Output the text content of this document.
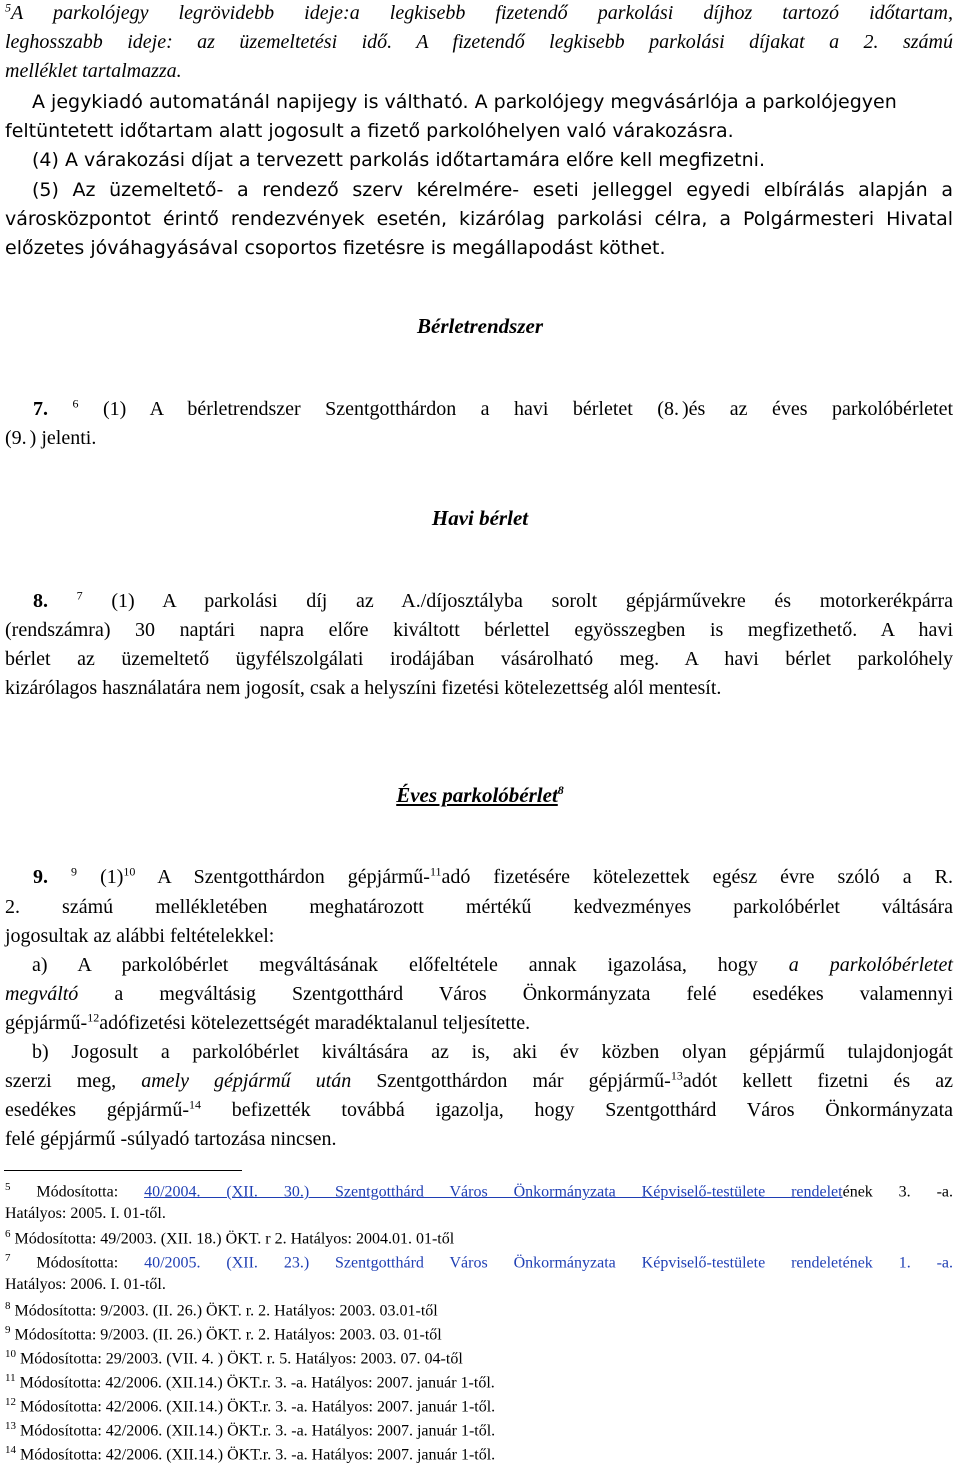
$^5$A parkolójegy legrövidebb ideje:a legkisebb fizetendő parkolási díjhoz tartozó időtartam,
leghosszabb ideje: az üzemeltetési idő. A fizetendő legkisebb parkolási díjakat a 2. számú
melléklet tartalmazza.
A jegykiadó automatánál napijegy is váltható. A parkolójegy megvásárlója a parkolójegyen
feltüntetett időtartam alatt jogosult a fizető parkolóhelyen való várakozásra.
(4) A várakozási díjat a tervezett parkolás időtartamára előre kell megfizetni.
(5) Az üzemeltető- a rendező szerv kérelmére- eseti jelleggel egyedi elbírálás alapján a
városközpontot érintő rendezvények esetén, kizárólag parkolási célra, a Polgármesteri Hivatal
előzetes jóváhagyásával csoportos fizetésre is megállapodást köthet.
Bérletrendszer
7. $^6$ (1) A bérletrendszer Szentgotthárdon a havi bérletet (8. )és az éves parkolóbérletet
(9. ) jelenti.
Havi bérlet
8. $^7$ (1) A parkolási díj az A./díjosztályba sorolt gépjárművekre és motorkerékpárra
(rendszámra) 30 naptári napra előre kiváltott bérlettel egyösszegben is megfizethető. A havi
bérlet az üzemeltető ügyfélszolgálati irodájában vásárolható meg. A havi bérlet parkolóhely
kizárólagos használatára nem jogosít, csak a helyszíni fizetési kötelezettség alól mentesít.
Éves parkolóbérlet$^8$
9. $^9$ $(1)^{10}$ A Szentgotthárdon gépjármű-$^{11}$adó fizetésére kötelezettek egész évre szóló a R.
2. számú mellékletében meghatározott mértékű kedvezményes parkolóbérlet váltására
jogosultak az alábbi feltételekkel:
a) A parkolóbérlet megváltásának előfeltétele annak igazolása, hogy a parkolóbérletet
megváltó a megváltásig Szentgotthárd Város Önkormányzata felé esedékes valamennyi
gépjármű-$^{12}$adófizetési kötelezettségét maradéktalanul teljesítette.
b) Jogosult a parkolóbérlet kiváltására az is, aki év közben olyan gépjármű tulajdonjogát
szerzi meg, amely gépjármű után Szentgotthárdon már gépjármű-$^{13}$adót kellett fizetni és az
esedékes gépjármű-$^{14}$ befizették továbbá igazolja, hogy Szentgotthárd Város Önkormányzata
felé gépjármű -súlyadó tartozása nincsen.
$^5$ Módosította: 40/2004. (XII. 30.) Szentgotthárd Város Önkormányzata Képviselő-testülete rendeletének 3. -a.
Hatályos: 2005. I. 01-től.
$^6$ Módosította: 49/2003. (XII. 18.) ÖKT. r 2. Hatályos: 2004.01. 01-től
$^7$ Módosította: 40/2005. (XII. 23.) Szentgotthárd Város Önkormányzata Képviselő-testülete rendeletének 1. -a.
Hatályos: 2006. I. 01-től.
$^8$ Módosította: 9/2003. (II. 26.) ÖKT. r. 2. Hatályos: 2003. 03.01-től
$^9$ Módosította: 9/2003. (II. 26.) ÖKT. r. 2. Hatályos: 2003. 03. 01-től
$^{10}$ Módosította: 29/2003. (VII. 4. ) ÖKT. r. 5. Hatályos: 2003. 07. 04-től
$^{11}$ Módosította: 42/2006. (XII.14.) ÖKT.r. 3. -a. Hatályos: 2007. január 1-től.
$^{12}$ Módosította: 42/2006. (XII.14.) ÖKT.r. 3. -a. Hatályos: 2007. január 1-től.
$^{13}$ Módosította: 42/2006. (XII.14.) ÖKT.r. 3. -a. Hatályos: 2007. január 1-től.
$^{14}$ Módosította: 42/2006. (XII.14.) ÖKT.r. 3. -a. Hatályos: 2007. január 1-től.
